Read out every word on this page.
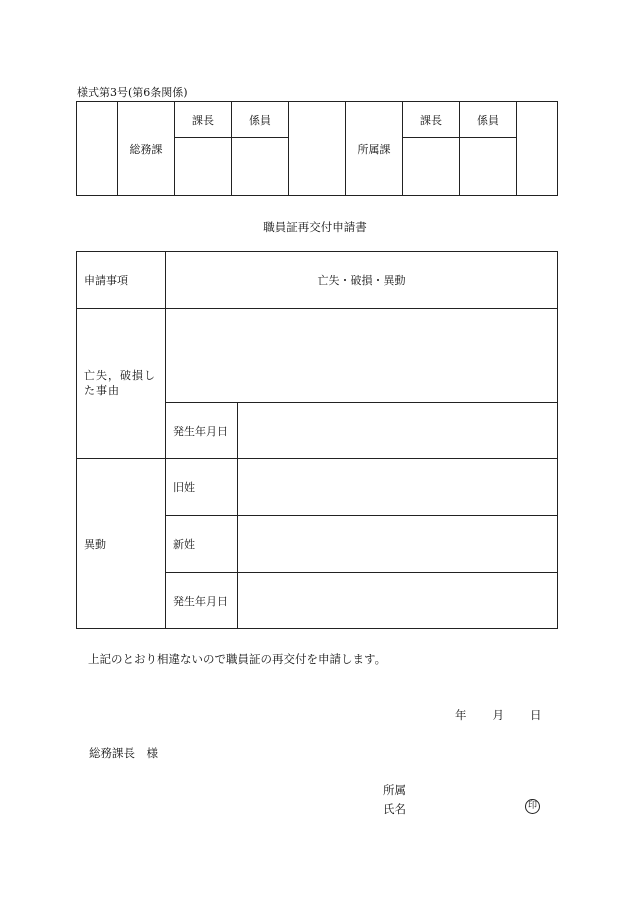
様式第3号(第6条関係)
	総務課	課長	係員		所属課	課長	係員	

職員証再交付申請書
申請事項	亡失・破損・異動	
亡失，破損した事由		
	発生年月日	
異動	旧姓	
	新姓	
	発生年月日	
上記のとおり相違ないので職員証の再交付を申請します。
年 月 日
総務課長　様
所属
氏名	印
